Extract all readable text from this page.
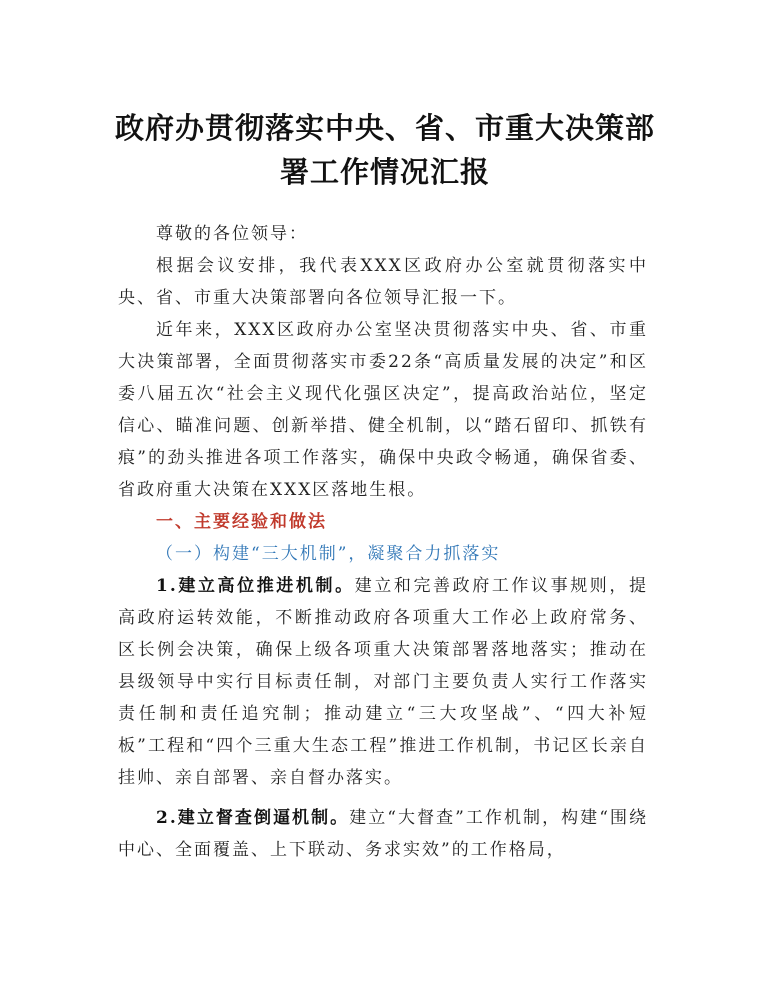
政府办贯彻落实中央、省、市重大决策部
署工作情况汇报

尊敬的各位领导：

根据会议安排，我代表XXX区政府办公室就贯彻落实中央、省、市重大决策部署向各位领导汇报一下。

近年来，XXX区政府办公室坚决贯彻落实中央、省、市重大决策部署，全面贯彻落实市委22条“高质量发展的决定”和区委八届五次“社会主义现代化强区决定”，提高政治站位，坚定信心、瞄准问题、创新举措、健全机制，以“踏石留印、抓铁有痕”的劲头推进各项工作落实，确保中央政令畅通，确保省委、省政府重大决策在XXX区落地生根。

一、主要经验和做法

（一）构建“三大机制”，凝聚合力抓落实

1.建立高位推进机制。建立和完善政府工作议事规则，提高政府运转效能，不断推动政府各项重大工作必上政府常务、区长例会决策，确保上级各项重大决策部署落地落实；推动在县级领导中实行目标责任制，对部门主要负责人实行工作落实责任制和责任追究制；推动建立“三大攻坚战”、“四大补短板”工程和“四个三重大生态工程”推进工作机制，书记区长亲自挂帅、亲自部署、亲自督办落实。

2.建立督查倒逼机制。建立“大督查”工作机制，构建“围绕中心、全面覆盖、上下联动、务求实效”的工作格局，
